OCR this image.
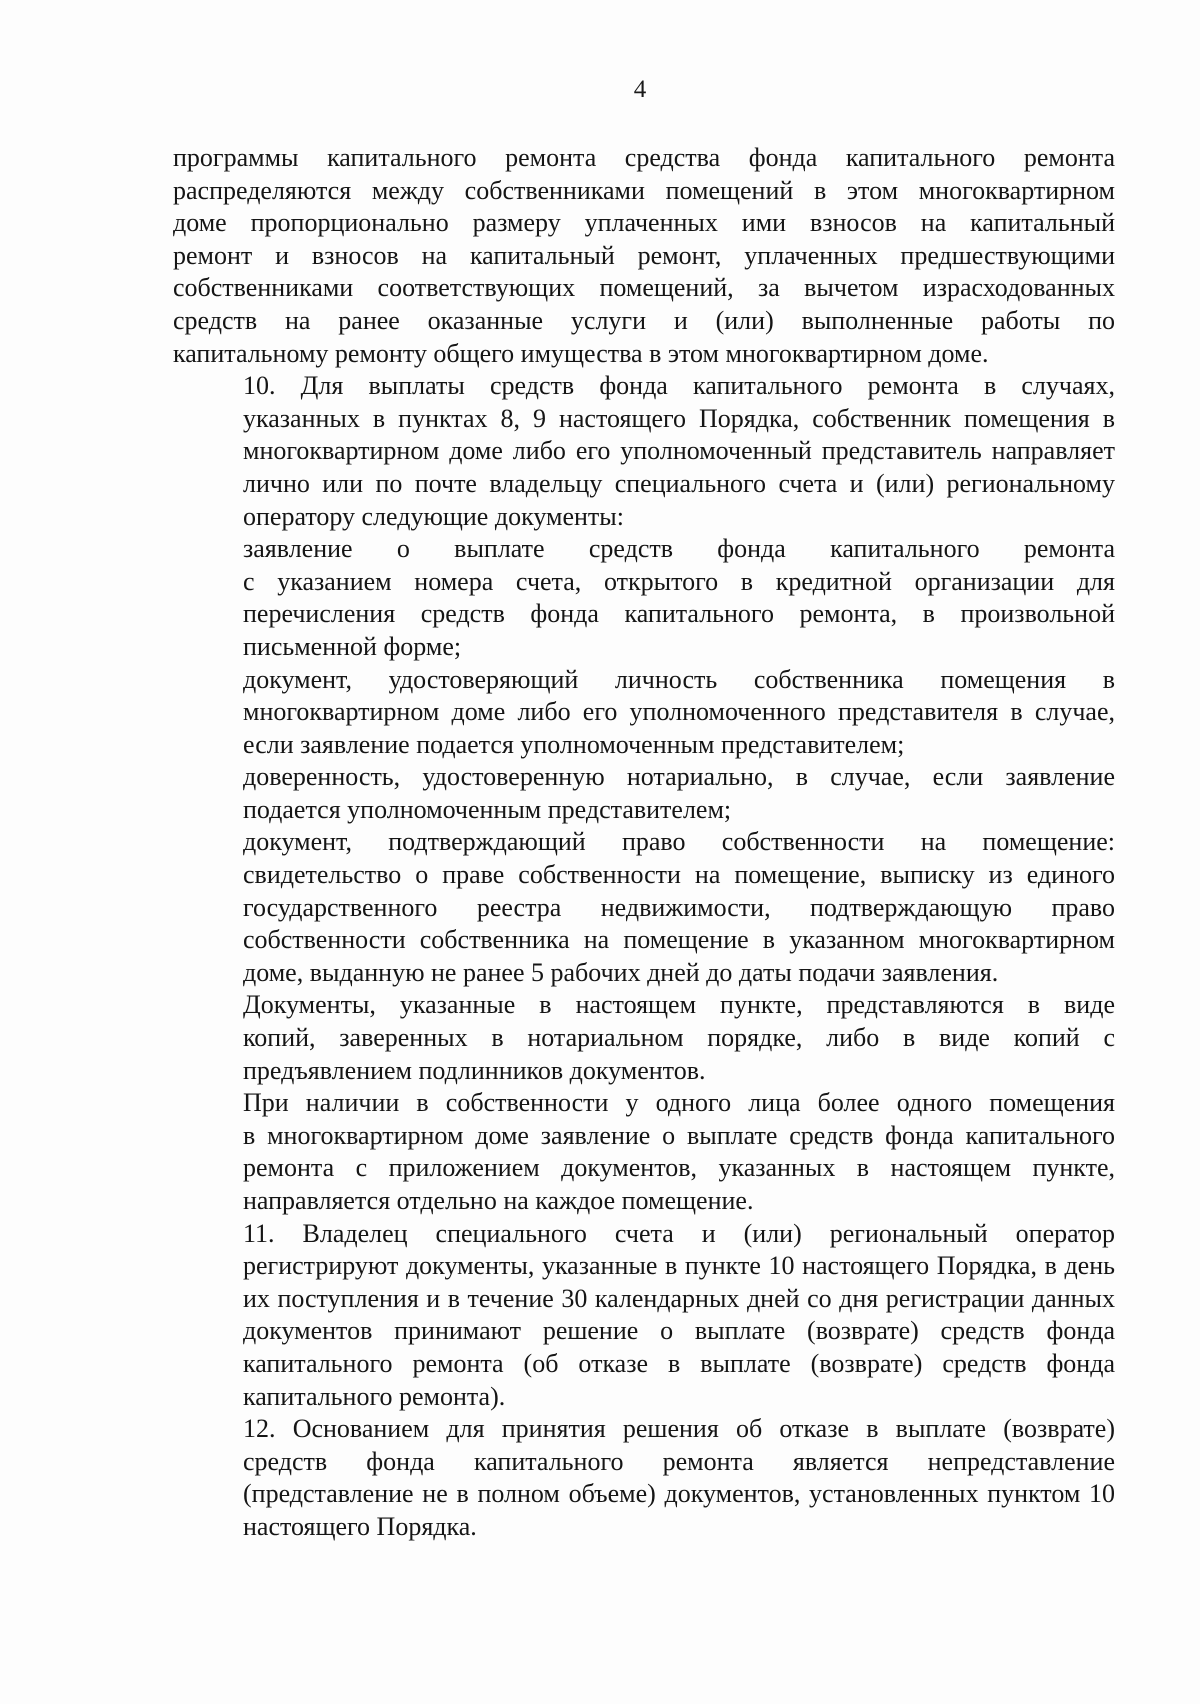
4

программы капитального ремонта средства фонда капитального ремонта
распределяются между собственниками помещений в этом многоквартирном
доме пропорционально размеру уплаченных ими взносов на капитальный
ремонт и взносов на капитальный ремонт, уплаченных предшествующими
собственниками соответствующих помещений, за вычетом израсходованных
средств на ранее оказанные услуги и (или) выполненные работы по
капитальному ремонту общего имущества в этом многоквартирном доме.

10. Для выплаты средств фонда капитального ремонта в случаях,
указанных в пунктах 8, 9 настоящего Порядка, собственник помещения в
многоквартирном доме либо его уполномоченный представитель направляет
лично или по почте владельцу специального счета и (или) региональному
оператору следующие документы:

заявление о выплате средств фонда капитального ремонта
с указанием номера счета, открытого в кредитной организации для
перечисления средств фонда капитального ремонта, в произвольной
письменной форме;

документ, удостоверяющий личность собственника помещения в
многоквартирном доме либо его уполномоченного представителя в случае,
если заявление подается уполномоченным представителем;

доверенность, удостоверенную нотариально, в случае, если заявление
подается уполномоченным представителем;

документ, подтверждающий право собственности на помещение:
свидетельство о праве собственности на помещение, выписку из единого
государственного реестра недвижимости, подтверждающую право
собственности собственника на помещение в указанном многоквартирном
доме, выданную не ранее 5 рабочих дней до даты подачи заявления.

Документы, указанные в настоящем пункте, представляются в виде
копий, заверенных в нотариальном порядке, либо в виде копий с
предъявлением подлинников документов.

При наличии в собственности у одного лица более одного помещения
в многоквартирном доме заявление о выплате средств фонда капитального
ремонта с приложением документов, указанных в настоящем пункте,
направляется отдельно на каждое помещение.

11. Владелец специального счета и (или) региональный оператор
регистрируют документы, указанные в пункте 10 настоящего Порядка, в день
их поступления и в течение 30 календарных дней со дня регистрации данных
документов принимают решение о выплате (возврате) средств фонда
капитального ремонта (об отказе в выплате (возврате) средств фонда
капитального ремонта).

12. Основанием для принятия решения об отказе в выплате (возврате)
средств фонда капитального ремонта является непредставление
(представление не в полном объеме) документов, установленных пунктом 10
настоящего Порядка.
